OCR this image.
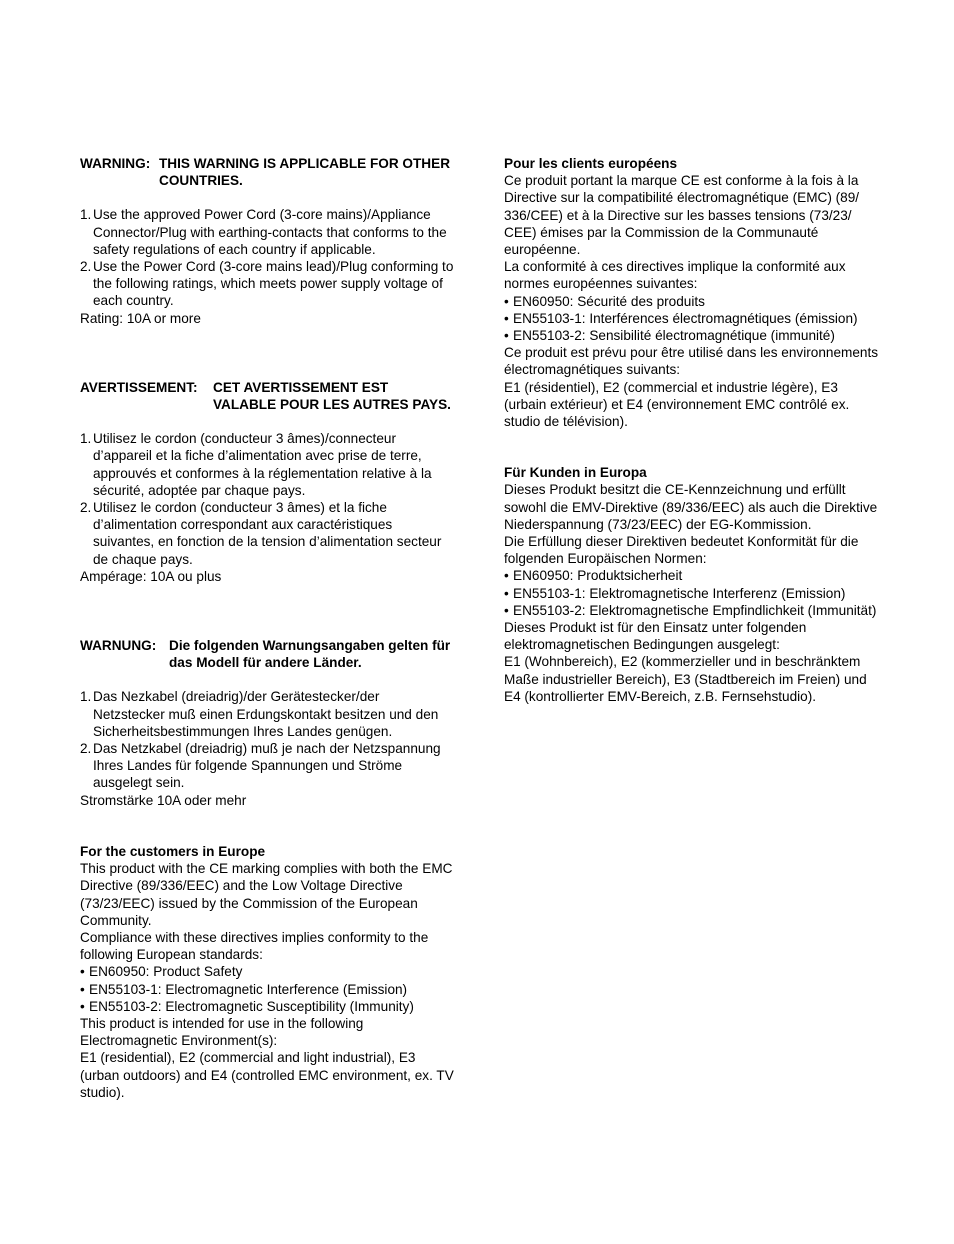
WARNING: THIS WARNING IS APPLICABLE FOR OTHER COUNTRIES.
1. Use the approved Power Cord (3-core mains)/Appliance Connector/Plug with earthing-contacts that conforms to the safety regulations of each country if applicable.
2. Use the Power Cord (3-core mains lead)/Plug conforming to the following ratings, which meets power supply voltage of each country.

Rating: 10A or more

AVERTISSEMENT:	CET AVERTISSEMENT EST VALABLE POUR LES AUTRES PAYS.
1. Utilisez le cordon (conducteur 3 âmes)/connecteur d’appareil et la fiche d’alimentation avec prise de terre, approuvés et conformes à la réglementation relative à la sécurité, adoptée par chaque pays.
2. Utilisez le cordon (conducteur 3 âmes) et la fiche d’alimentation correspondant aux caractéristiques suivantes, en fonction de la tension d’alimentation secteur de chaque pays.

Ampérage: 10A ou plus

WARNUNG: Die folgenden Warnungsangaben gelten für das Modell für andere Länder.
1. Das Nezkabel (dreiadrig)/der Gerätestecker/der Netzstecker muß einen Erdungskontakt besitzen und den Sicherheitsbestimmungen Ihres Landes genügen.
2. Das Netzkabel (dreiadrig) muß je nach der Netzspannung Ihres Landes für folgende Spannungen und Ströme ausgelegt sein.

Stromstärke 10A oder mehr

For the customers in Europe

This product with the CE marking complies with both the EMC Directive (89/336/EEC) and the Low Voltage Directive (73/23/EEC) issued by the Commission of the European Community.

Compliance with these directives implies conformity to the following European standards:

• EN60950: Product Safety
• EN55103-1: Electromagnetic Interference (Emission)
• EN55103-2: Electromagnetic Susceptibility (Immunity)

This product is intended for use in the following Electromagnetic Environment(s):

E1 (residential), E2 (commercial and light industrial), E3 (urban outdoors) and E4 (controlled EMC environment, ex. TV studio).

Pour les clients européens

Ce produit portant la marque CE est conforme à la fois à la Directive sur la compatibilité électromagnétique (EMC) (89/ 336/CEE) et à la Directive sur les basses tensions (73/23/ CEE) émises par la Commission de la Communauté européenne.

La conformité à ces directives implique la conformité aux normes européennes suivantes:

• EN60950: Sécurité des produits
• EN55103-1: Interférences électromagnétiques (émission)
• EN55103-2: Sensibilité électromagnétique (immunité)

Ce produit est prévu pour être utilisé dans les environnements électromagnétiques suivants:

E1 (résidentiel), E2 (commercial et industrie légère), E3 (urbain extérieur) et E4 (environnement EMC contrôlé ex. studio de télévision).

Für Kunden in Europa

Dieses Produkt besitzt die CE-Kennzeichnung und erfüllt sowohl die EMV-Direktive (89/336/EEC) als auch die Direktive Niederspannung (73/23/EEC) der EG-Kommission.

Die Erfüllung dieser Direktiven bedeutet Konformität für die folgenden Europäischen Normen:

• EN60950: Produktsicherheit
• EN55103-1: Elektromagnetische Interferenz (Emission)
• EN55103-2: Elektromagnetische Empfindlichkeit (Immunität)

Dieses Produkt ist für den Einsatz unter folgenden elektromagnetischen Bedingungen ausgelegt:

E1 (Wohnbereich), E2 (kommerzieller und in beschränktem Maße industrieller Bereich), E3 (Stadtbereich im Freien) und E4 (kontrollierter EMV-Bereich, z.B. Fernsehstudio).
